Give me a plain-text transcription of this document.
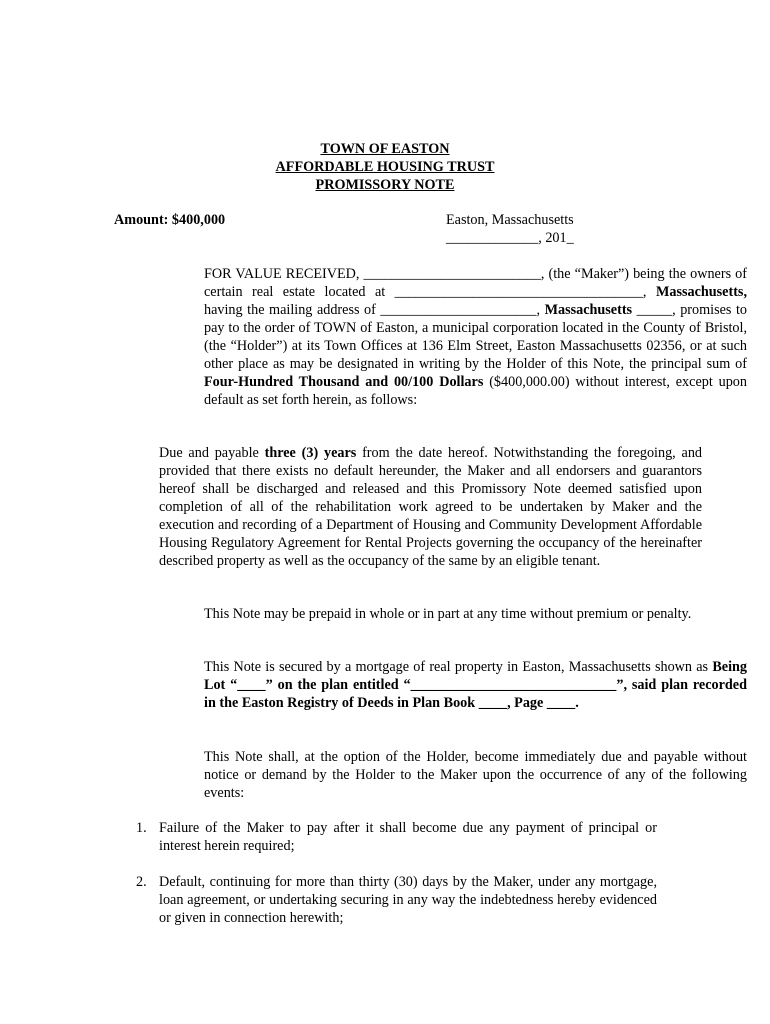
TOWN OF EASTON
AFFORDABLE HOUSING TRUST
PROMISSORY NOTE
Amount: $400,000	Easton, Massachusetts
_____________, 201_

FOR VALUE RECEIVED, _________________________, (the “Maker”) being the owners of certain real estate located at ___________________________________, Massachusetts, having the mailing address of ______________________, Massachusetts _____, promises to pay to the order of TOWN of Easton, a municipal corporation located in the County of Bristol, (the “Holder”) at its Town Offices at 136 Elm Street, Easton Massachusetts 02356, or at such other place as may be designated in writing by the Holder of this Note, the principal sum of Four-Hundred Thousand and 00/100 Dollars ($400,000.00) without interest, except upon default as set forth herein, as follows:

Due and payable three (3) years from the date hereof. Notwithstanding the foregoing, and provided that there exists no default hereunder, the Maker and all endorsers and guarantors hereof shall be discharged and released and this Promissory Note deemed satisfied upon completion of all of the rehabilitation work agreed to be undertaken by Maker and the execution and recording of a Department of Housing and Community Development Affordable Housing Regulatory Agreement for Rental Projects governing the occupancy of the hereinafter described property as well as the occupancy of the same by an eligible tenant.

This Note may be prepaid in whole or in part at any time without premium or penalty.

This Note is secured by a mortgage of real property in Easton, Massachusetts shown as Being Lot “____” on the plan entitled “_____________________________”, said plan recorded in the Easton Registry of Deeds in Plan Book ____, Page ____.

This Note shall, at the option of the Holder, become immediately due and payable without notice or demand by the Holder to the Maker upon the occurrence of any of the following events:

1. Failure of the Maker to pay after it shall become due any payment of principal or interest herein required;
2. Default, continuing for more than thirty (30) days by the Maker, under any mortgage, loan agreement, or undertaking securing in any way the indebtedness hereby evidenced or given in connection herewith;
